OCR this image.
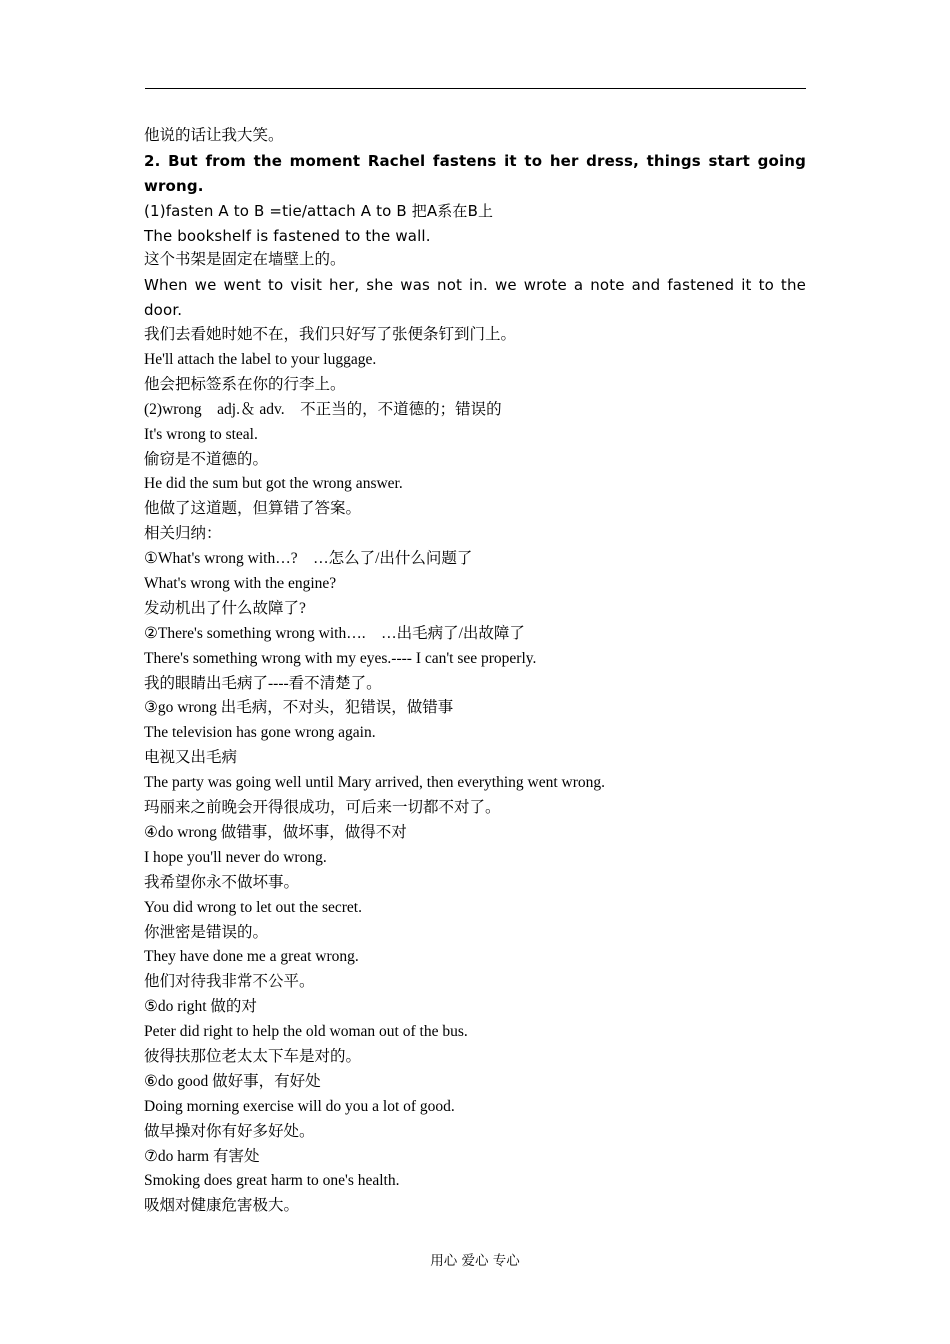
他说的话让我大笑。
2. But from the moment Rachel fastens it to her dress, things start going
wrong.
(1)fasten A to B =tie/attach A to B 把A系在B上
The bookshelf is fastened to the wall.
这个书架是固定在墙壁上的。
When we went to visit her, she was not in. we wrote a note and fastened it to the
door.
我们去看她时她不在，我们只好写了张便条钉到门上。
He'll attach the label to your luggage.
他会把标签系在你的行李上。
(2)wrong　adj.＆ adv.　不正当的，不道德的；错误的
It's wrong to steal.
偷窃是不道德的。
He did the sum but got the wrong answer.
他做了这道题，但算错了答案。
相关归纳：
①What's wrong with…?　…怎么了/出什么问题了
What's wrong with the engine?
发动机出了什么故障了?
②There's something wrong with….　…出毛病了/出故障了
There's something wrong with my eyes.---- I can't see properly.
我的眼睛出毛病了----看不清楚了。
③go wrong 出毛病，不对头，犯错误，做错事
The television has gone wrong again.
电视又出毛病
The party was going well until Mary arrived, then everything went wrong.
玛丽来之前晚会开得很成功，可后来一切都不对了。
④do wrong 做错事，做坏事，做得不对
I hope you'll never do wrong.
我希望你永不做坏事。
You did wrong to let out the secret.
你泄密是错误的。
They have done me a great wrong.
他们对待我非常不公平。
⑤do right 做的对
Peter did right to help the old woman out of the bus.
彼得扶那位老太太下车是对的。
⑥do good 做好事，有好处
Doing morning exercise will do you a lot of good.
做早操对你有好多好处。
⑦do harm 有害处
Smoking does great harm to one's health.
吸烟对健康危害极大。
用心 爱心 专心
